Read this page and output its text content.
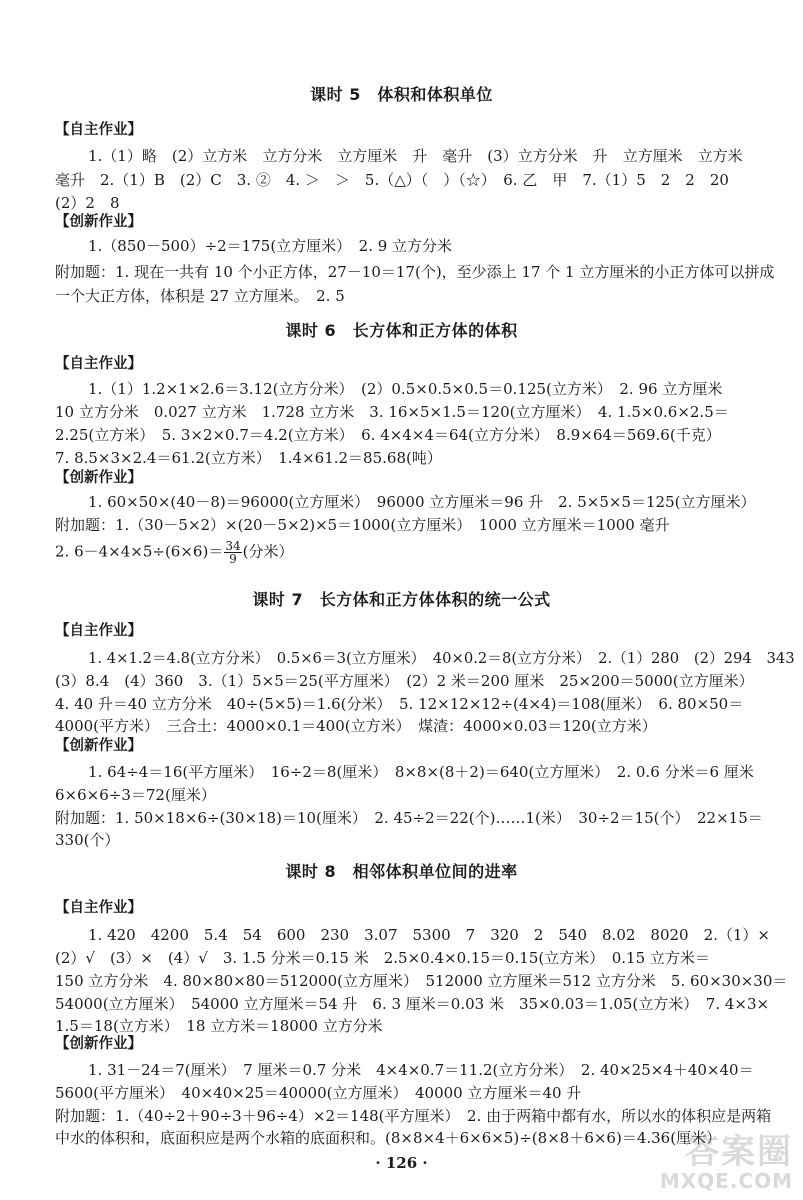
课时 5　体积和体积单位

【自主作业】

1.（1）略　(2）立方米　立方分米　立方厘米　升　毫升　(3）立方分米　升　立方厘米　立方米

毫升　2.（1）B　(2）C　3. ②　4. ＞　＞　5.（△）（　）（☆）　6. 乙　甲　7.（1）5　2　2　20

(2）2　8

【创新作业】

1.（850－500）÷2＝175(立方厘米）　2. 9 立方分米

附加题：1. 现在一共有 10 个小正方体，27－10＝17(个)，至少添上 17 个 1 立方厘米的小正方体可以拼成

一个大正方体，体积是 27 立方厘米。　2. 5

课时 6　长方体和正方体的体积

【自主作业】

1.（1）1.2×1×2.6＝3.12(立方分米）　(2）0.5×0.5×0.5＝0.125(立方米）　2. 96 立方厘米

10 立方分米　0.027 立方米　1.728 立方米　3. 16×5×1.5＝120(立方厘米）　4. 1.5×0.6×2.5＝

2.25(立方米）　5. 3×2×0.7＝4.2(立方米）　6. 4×4×4＝64(立方分米）　8.9×64＝569.6(千克）

7. 8.5×3×2.4＝61.2(立方米）　1.4×61.2＝85.68(吨）

【创新作业】

1. 60×50×(40－8)＝96000(立方厘米）　96000 立方厘米＝96 升　2. 5×5×5＝125(立方厘米）

附加题：1.（30－5×2）×(20－5×2)×5＝1000(立方厘米）　1000 立方厘米＝1000 毫升

2. $6-4\times 4\times 5\div(6\times 6)= \frac{34}{9}$ (分米）

课时 7　长方体和正方体体积的统一公式

【自主作业】

1. 4×1.2＝4.8(立方分米）　0.5×6＝3(立方厘米）　40×0.2＝8(立方分米）　2.（1）280　(2）294　343

(3）8.4　(4）360　3.（1）5×5＝25(平方厘米）　(2）2 米＝200 厘米　25×200＝5000(立方厘米）

4. 40 升＝40 立方分米　40÷(5×5)＝1.6(分米）　5. 12×12×12÷(4×4)＝108(厘米）　6. 80×50＝

4000(平方米）　三合土：4000×0.1＝400(立方米）　煤渣：4000×0.03＝120(立方米）

【创新作业】

1. 64÷4＝16(平方厘米）　16÷2＝8(厘米）　8×8×(8＋2)＝640(立方厘米）　2. 0.6 分米＝6 厘米

6×6×6÷3＝72(厘米）

附加题：1. 50×18×6÷(30×18)＝10(厘米）　2. 45÷2＝22(个)……1(米）　30÷2＝15(个）　22×15＝

330(个）

课时 8　相邻体积单位间的进率

【自主作业】

1. 420　4200　5.4　54　600　230　3.07　5300　7　320　2　540　8.02　8020　2.（1）×

(2）√　(3）×　(4）√　3. 1.5 分米＝0.15 米　2.5×0.4×0.15＝0.15(立方米）　0.15 立方米＝

150 立方分米　4. 80×80×80＝512000(立方厘米）　512000 立方厘米＝512 立方分米　5. 60×30×30＝

54000(立方厘米）　54000 立方厘米＝54 升　6. 3 厘米＝0.03 米　35×0.03＝1.05(立方米）　7. 4×3×

1.5＝18(立方米）　18 立方米＝18000 立方分米

【创新作业】

1. 31－24＝7(厘米）　7 厘米＝0.7 分米　4×4×0.7＝11.2(立方分米）　2. 40×25×4＋40×40＝

5600(平方厘米）　40×40×25＝40000(立方厘米）　40000 立方厘米＝40 升

附加题：1.（40÷2＋90÷3＋96÷4）×2＝148(平方厘米）　2. 由于两箱中都有水，所以水的体积应是两箱

中水的体积和，底面积应是两个水箱的底面积和。(8×8×4＋6×6×5)÷(8×8＋6×6)＝4.36(厘米）

· 126 ·	答案圈
MXQE.COM
